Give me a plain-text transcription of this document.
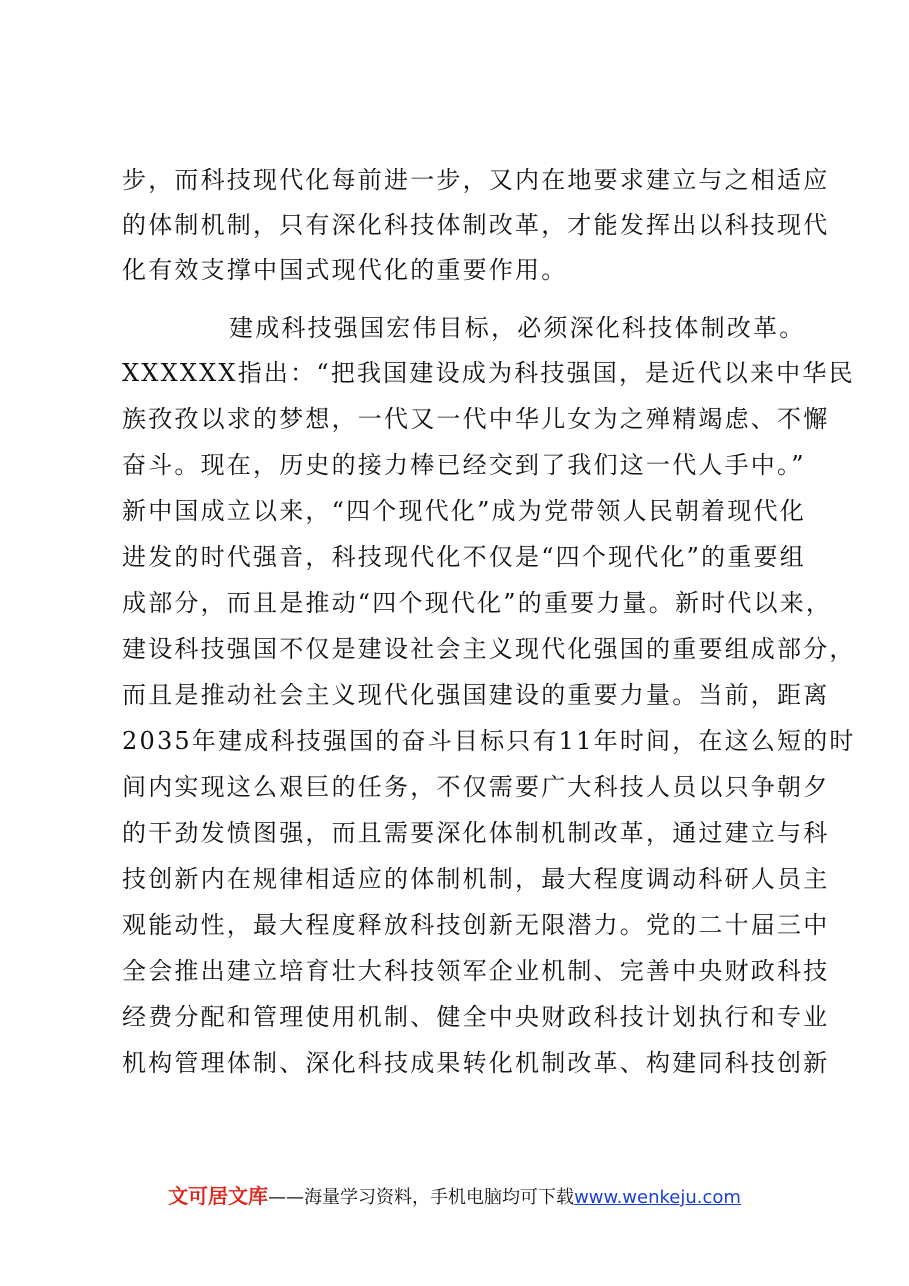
步，而科技现代化每前进一步，又内在地要求建立与之相适应
的体制机制，只有深化科技体制改革，才能发挥出以科技现代
化有效支撑中国式现代化的重要作用。
建成科技强国宏伟目标，必须深化科技体制改革。
XXXXXX指出：“把我国建设成为科技强国，是近代以来中华民
族孜孜以求的梦想，一代又一代中华儿女为之殚精竭虑、不懈
奋斗。现在，历史的接力棒已经交到了我们这一代人手中。”
新中国成立以来，“四个现代化”成为党带领人民朝着现代化
进发的时代强音，科技现代化不仅是“四个现代化”的重要组
成部分，而且是推动“四个现代化”的重要力量。新时代以来，
建设科技强国不仅是建设社会主义现代化强国的重要组成部分，
而且是推动社会主义现代化强国建设的重要力量。当前，距离
2035年建成科技强国的奋斗目标只有11年时间，在这么短的时
间内实现这么艰巨的任务，不仅需要广大科技人员以只争朝夕
的干劲发愤图强，而且需要深化体制机制改革，通过建立与科
技创新内在规律相适应的体制机制，最大程度调动科研人员主
观能动性，最大程度释放科技创新无限潜力。党的二十届三中
全会推出建立培育壮大科技领军企业机制、完善中央财政科技
经费分配和管理使用机制、健全中央财政科技计划执行和专业
机构管理体制、深化科技成果转化机制改革、构建同科技创新
文可居文库——海量学习资料，手机电脑均可下载www.wenkeju.com
